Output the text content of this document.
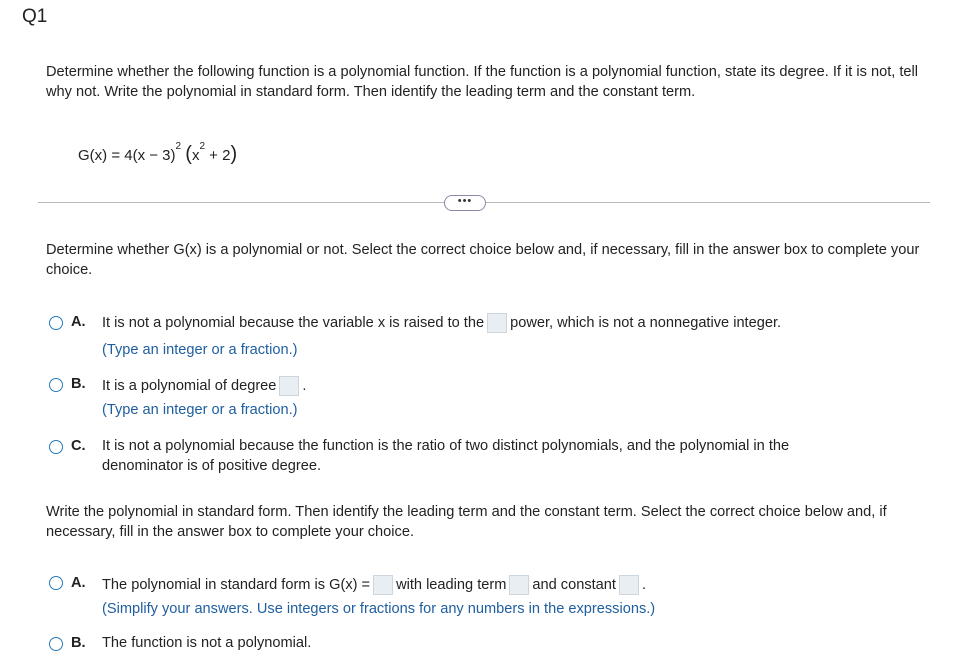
Q1
Determine whether the following function is a polynomial function. If the function is a polynomial function, state its degree. If it is not, tell why not. Write the polynomial in standard form. Then identify the leading term and the constant term.
$G(x) = 4(x - 3)^2$ $(x^2 + 2)$
•••
Determine whether G(x) is a polynomial or not. Select the correct choice below and, if necessary, fill in the answer box to complete your choice.
A. It is not a polynomial because the variable x is raised to the power, which is not a nonnegative integer.
(Type an integer or a fraction.)
B. It is a polynomial of degree .
(Type an integer or a fraction.)
C. It is not a polynomial because the function is the ratio of two distinct polynomials, and the polynomial in the
denominator is of positive degree.
Write the polynomial in standard form. Then identify the leading term and the constant term. Select the correct choice below and, if necessary, fill in the answer box to complete your choice.
A. The polynomial in standard form is G(x) = with leading term and constant .
(Simplify your answers. Use integers or fractions for any numbers in the expressions.)
B. The function is not a polynomial.
